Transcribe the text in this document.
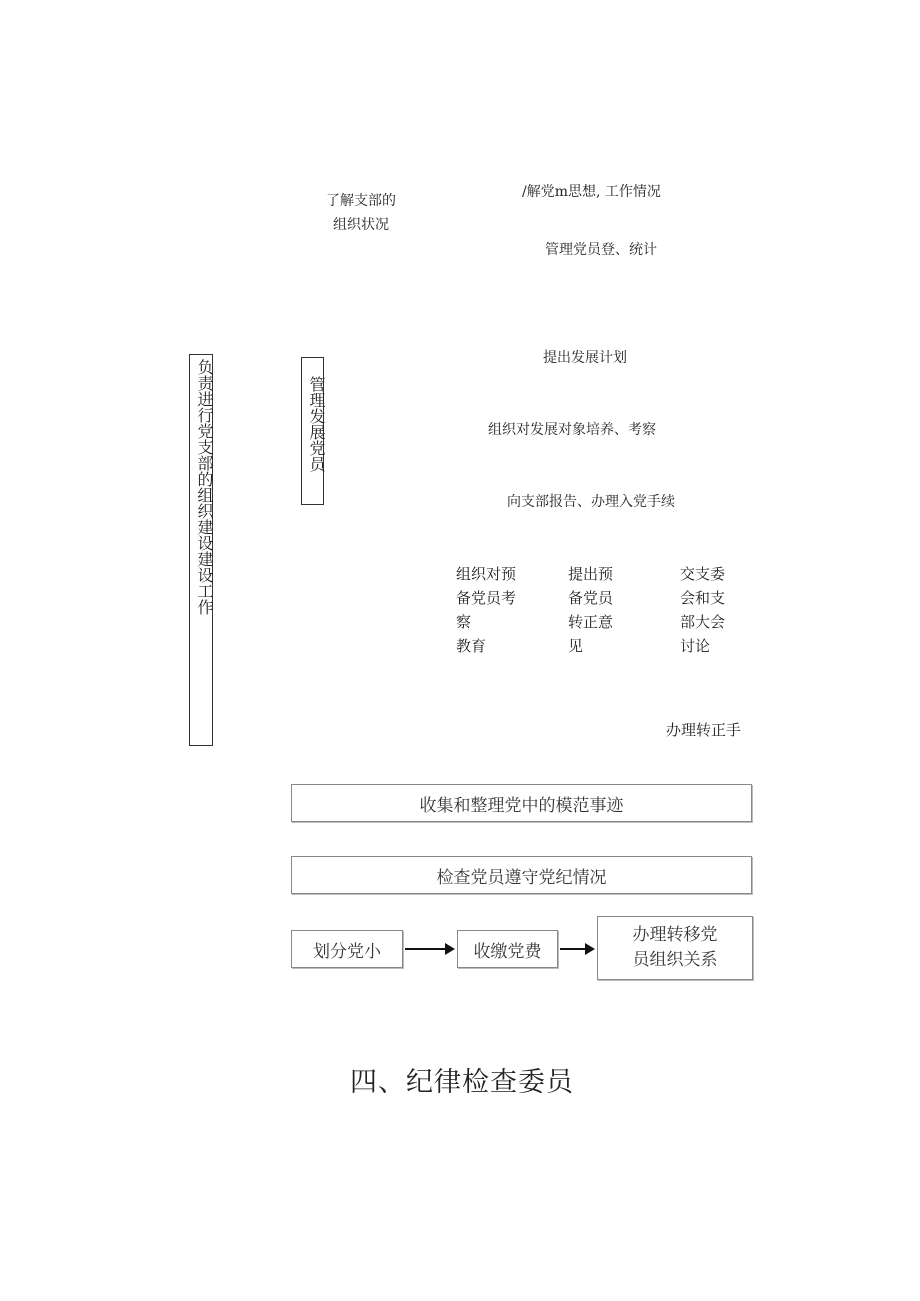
了解支部的
组织状况
/解党m思想, 工作情况
管理党员登、统计
负责进行党支部的组织建设建设工作	管理发展党员
提出发展计划
组织对发展对象培养、考察
向支部报告、办理入党手续
组织对预
备党员考
察
教育
提出预
备党员
转正意
见
交支委
会和支
部大会
讨论
办理转正手
收集和整理党中的模范事迹
检查党员遵守党纪情况
划分党小	收缴党费
办理转移党
员组织关系
四、纪律检查委员
